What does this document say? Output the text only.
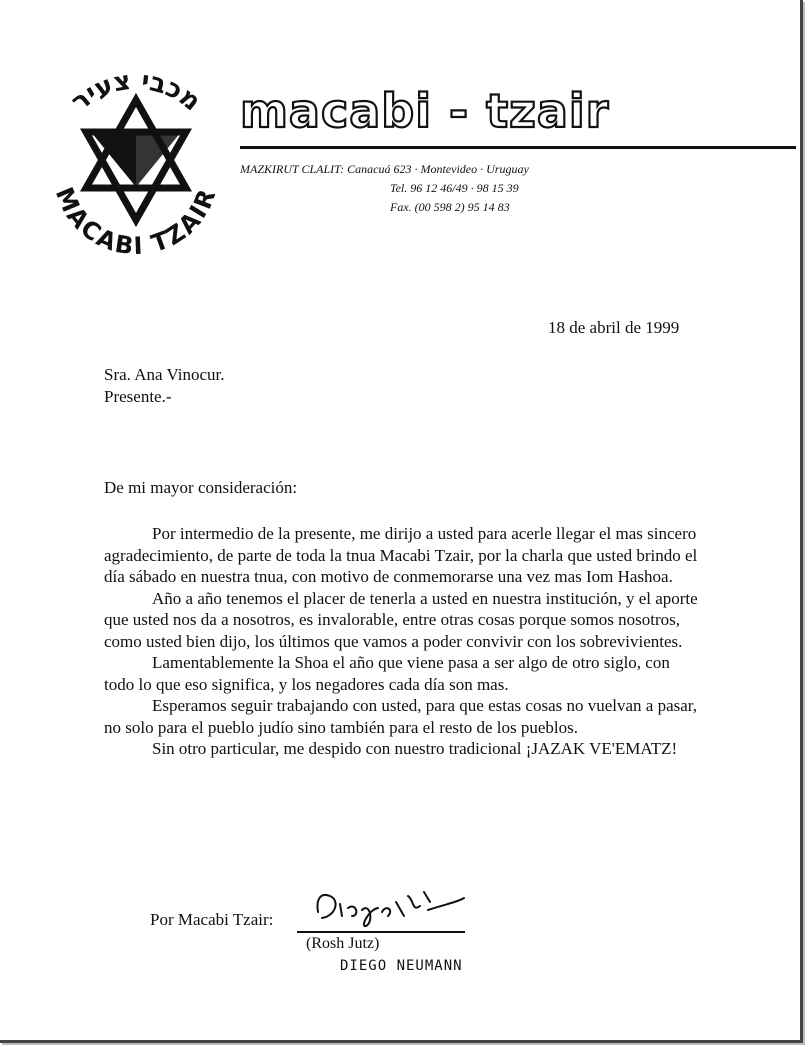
מכבי צעיר
MACABI TZAIR
macabi - tzair
MAZKIRUT CLALIT: Canacuá 623 · Montevideo · Uruguay
Tel. 96 12 46/49 · 98 15 39
Fax. (00 598 2) 95 14 83
18 de abril de 1999
Sra. Ana Vinocur.
Presente.-
De mi mayor consideración:

Por intermedio de la presente, me dirijo a usted para acerle llegar el mas sincero agradecimiento, de parte de toda la tnua Macabi Tzair, por la charla que usted brindo el día sábado en nuestra tnua, con motivo de conmemorarse una vez mas Iom Hashoa.

Año a año tenemos el placer de tenerla a usted en nuestra institución, y el aporte que usted nos da a nosotros, es invalorable, entre otras cosas porque somos nosotros, como usted bien dijo, los últimos que vamos a poder convivir con los sobrevivientes.

Lamentablemente la Shoa el año que viene pasa a ser algo de otro siglo, con todo lo que eso significa, y los negadores cada día son mas.

Esperamos seguir trabajando con usted, para que estas cosas no vuelvan a pasar, no solo para el pueblo judío sino también para el resto de los pueblos.

Sin otro particular, me despido con nuestro tradicional ¡JAZAK VE'EMATZ!

Por Macabi Tzair:
(Rosh Jutz)
DIEGO NEUMANN
